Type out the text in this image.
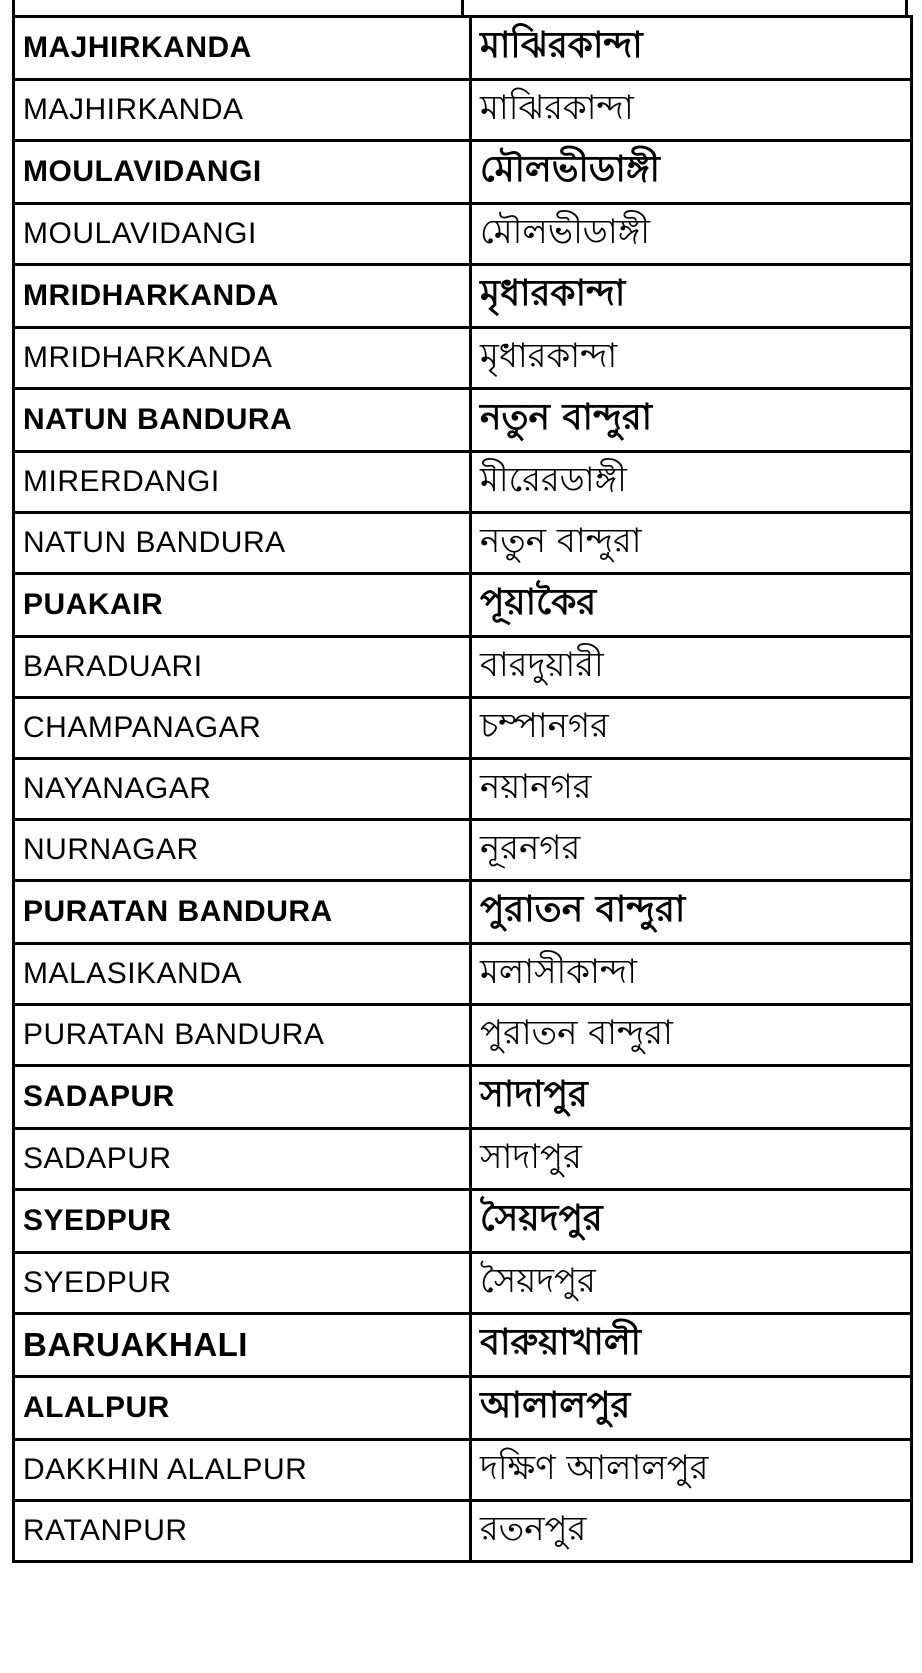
MAJHIRKANDA	মাঝিরকান্দা
MAJHIRKANDA	মাঝিরকান্দা
MOULAVIDANGI	মৌলভীডাঙ্গী
MOULAVIDANGI	মৌলভীডাঙ্গী
MRIDHARKANDA	মৃধারকান্দা
MRIDHARKANDA	মৃধারকান্দা
NATUN BANDURA	নতুন বান্দুরা
MIRERDANGI	মীরেরডাঙ্গী
NATUN BANDURA	নতুন বান্দুরা
PUAKAIR	পূয়াকৈর
BARADUARI	বারদুয়ারী
CHAMPANAGAR	চম্পানগর
NAYANAGAR	নয়ানগর
NURNAGAR	নূরনগর
PURATAN BANDURA	পুরাতন বান্দুরা
MALASIKANDA	মলাসীকান্দা
PURATAN BANDURA	পুরাতন বান্দুরা
SADAPUR	সাদাপুর
SADAPUR	সাদাপুর
SYEDPUR	সৈয়দপুর
SYEDPUR	সৈয়দপুর
BARUAKHALI	বারুয়াখালী
ALALPUR	আলালপুর
DAKKHIN ALALPUR	দক্ষিণ আলালপুর
RATANPUR	রতনপুর
